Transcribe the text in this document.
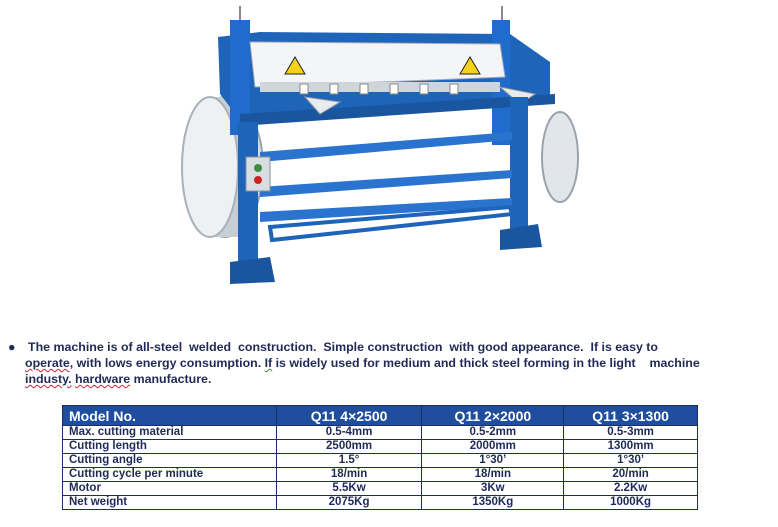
●	The machine is of all-steel  welded  construction.  Simple construction  with good appearance.  If is easy to
operate, with lows energy consumption. If is widely used for medium and thick steel forming in the light    machine
industy. hardware manufacture.
Model No.	Q11 4×2500	Q11 2×2000	Q11 3×1300
Max. cutting material	0.5-4mm	0.5-2mm	0.5-3mm
Cutting length	2500mm	2000mm	1300mm
Cutting angle	1.5°	1°30’	1°30’
Cutting cycle per minute	18/min	18/min	20/min
Motor	5.5Kw	3Kw	2.2Kw
Net weight	2075Kg	1350Kg	1000Kg
